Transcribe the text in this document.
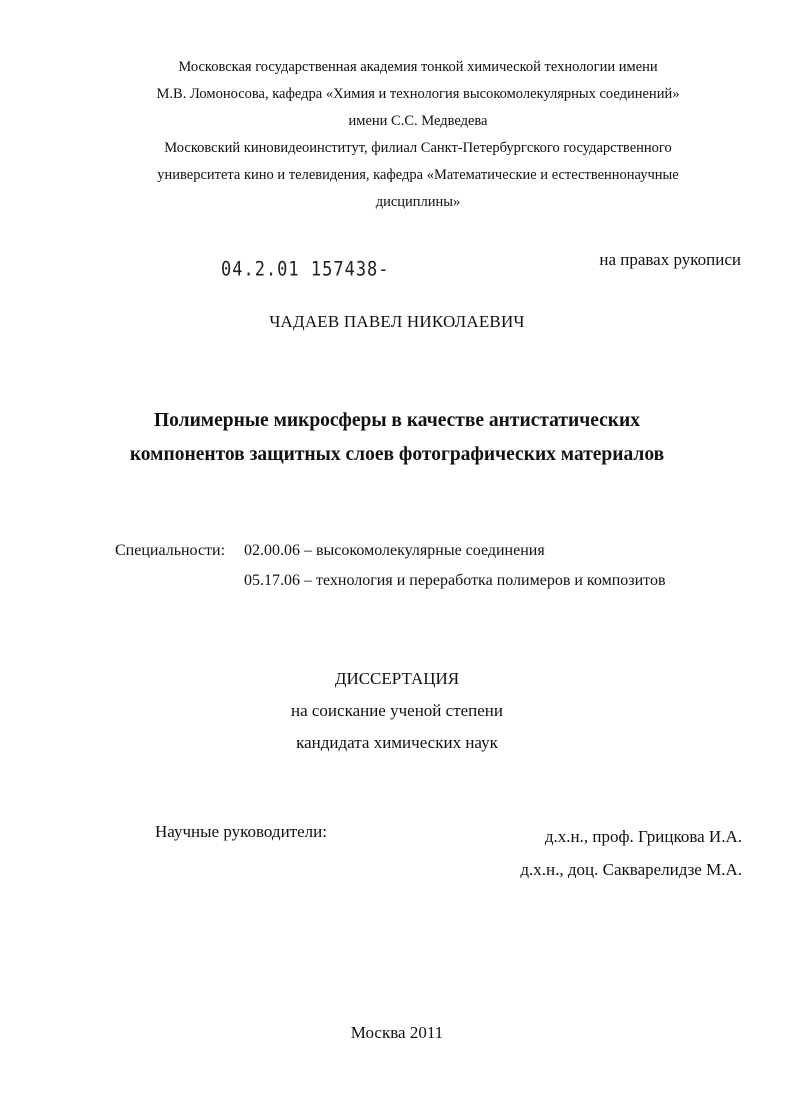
Московская государственная академия тонкой химической технологии имени
М.В. Ломоносова, кафедра «Химия и технология высокомолекулярных соединений»
имени С.С. Медведева
Московский киновидеоинститут, филиал Санкт-Петербургского государственного
университета кино и телевидения, кафедра «Математические и естественнонаучные
дисциплины»
04.2.01 157438-	на правах рукописи
ЧАДАЕВ ПАВЕЛ НИКОЛАЕВИЧ
Полимерные микросферы в качестве антистатических
компонентов защитных слоев фотографических материалов
Специальности: 02.00.06 – высокомолекулярные соединения
05.17.06 – технология и переработка полимеров и композитов
ДИССЕРТАЦИЯ
на соискание ученой степени
кандидата химических наук
Научные руководители:	д.х.н., проф. Грицкова И.А.
д.х.н., доц. Сакварелидзе М.А.
Москва 2011
